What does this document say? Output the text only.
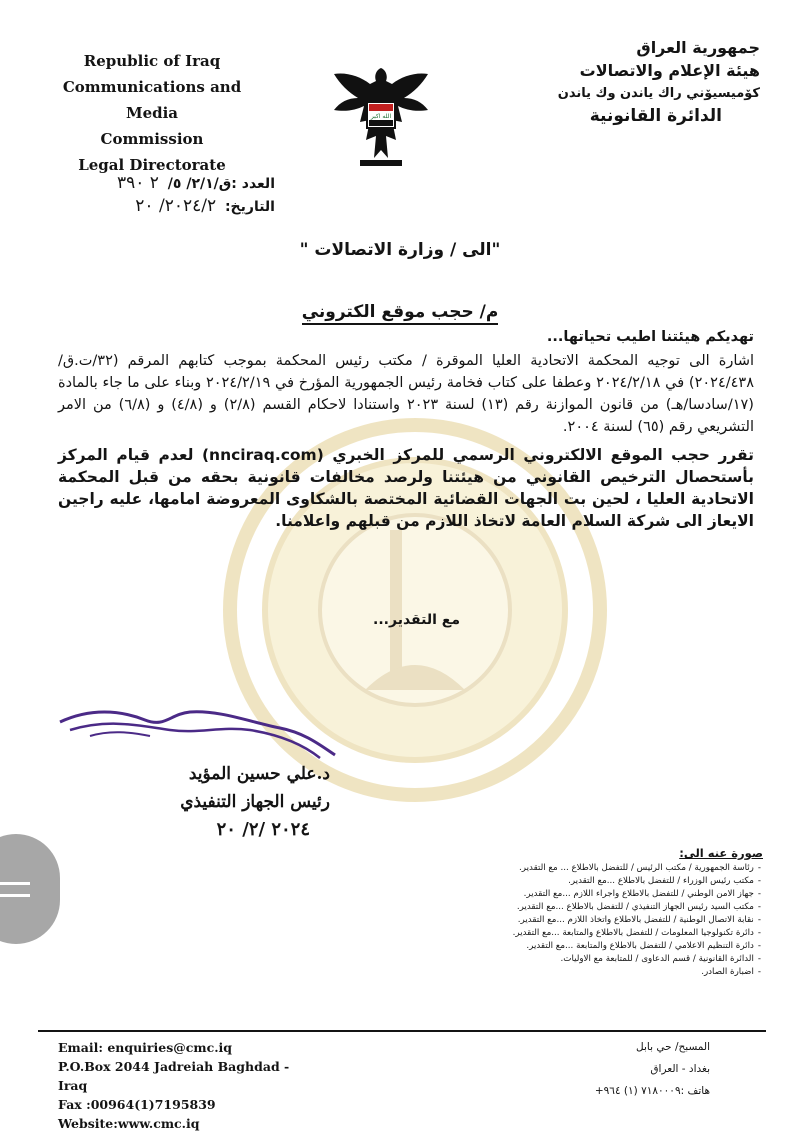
Republic of Iraq
Communications and Media
Commission
Legal Directorate
الله اكبر
جمهورية العراق
هيئة الإعلام والاتصالات
كۆميسيۆني راك ياندن وك ياندن
الدائرة القانونية
العدد :ق/٢/١/ ٥/ ٢ ٣٩٠
التاريخ: ٢٠٢٤/٢/ ٢٠
"الى / وزارة الاتصالات "
م/ حجب موقع الكتروني
تهديكم هيئتنا اطيب تحياتها...

اشارة الى توجيه المحكمة الاتحادية العليا الموقرة / مكتب رئيس المحكمة بموجب كتابهم المرقم (٣٢/ت.ق/٢٠٢٤/٤٣٨) في ٢٠٢٤/٢/١٨ وعطفا على كتاب فخامة رئيس الجمهورية المؤرخ في ٢٠٢٤/٢/١٩ وبناء على ما جاء بالمادة (١٧/سادسا/هـ) من قانون الموازنة رقم (١٣) لسنة ٢٠٢٣ واستنادا لاحكام القسم (٢/٨) و (٤/٨) و (٦/٨) من الامر التشريعي رقم (٦٥) لسنة ٢٠٠٤.

تقرر حجب الموقع الالكتروني الرسمي للمركز الخبري (nnciraq.com) لعدم قيام المركز بأستحصال الترخيص القانوني من هيئتنا ولرصد مخالفات قانونية بحقه من قبل المحكمة الاتحادية العليا ، لحين بت الجهات القضائية المختصة بالشكاوى المعروضة امامها، عليه راجين الايعاز الى شركة السلام العامة لاتخاذ اللازم من قبلهم واعلامنا.

مع التقدير...
د.علي حسين المؤيد
رئيس الجهاز التنفيذي
٢٠٢٤ /٢/ ٢٠
صورة عنه الى:
- رئاسة الجمهورية / مكتب الرئيس / للتفضل بالاطلاع ... مع التقدير.
- مكتب رئيس الوزراء / للتفضل بالاطلاع ...مع التقدير.
- جهاز الامن الوطني / للتفضل بالاطلاع واجراء اللازم ...مع التقدير.
- مكتب السيد رئيس الجهاز التنفيذي / للتفضل بالاطلاع ...مع التقدير.
- نقابة الاتصال الوطنية / للتفضل بالاطلاع واتخاذ اللازم ...مع التقدير.
- دائرة تكنولوجيا المعلومات / للتفضل بالاطلاع والمتابعة ...مع التقدير.
- دائرة التنظيم الاعلامي / للتفضل بالاطلاع والمتابعة ...مع التقدير.
- الدائرة القانونية / قسم الدعاوى / للمتابعة مع الاوليات.
- اضبارة الصادر.
Email: enquiries@cmc.iq
P.O.Box 2044 Jadreiah Baghdad -Iraq
Fax :00964(1)7195839
Website:www.cmc.iq
المسبح/ حي بابل
بغداد - العراق
هاتف :٧١٨٠٠٠٩ (١) ٩٦٤+
